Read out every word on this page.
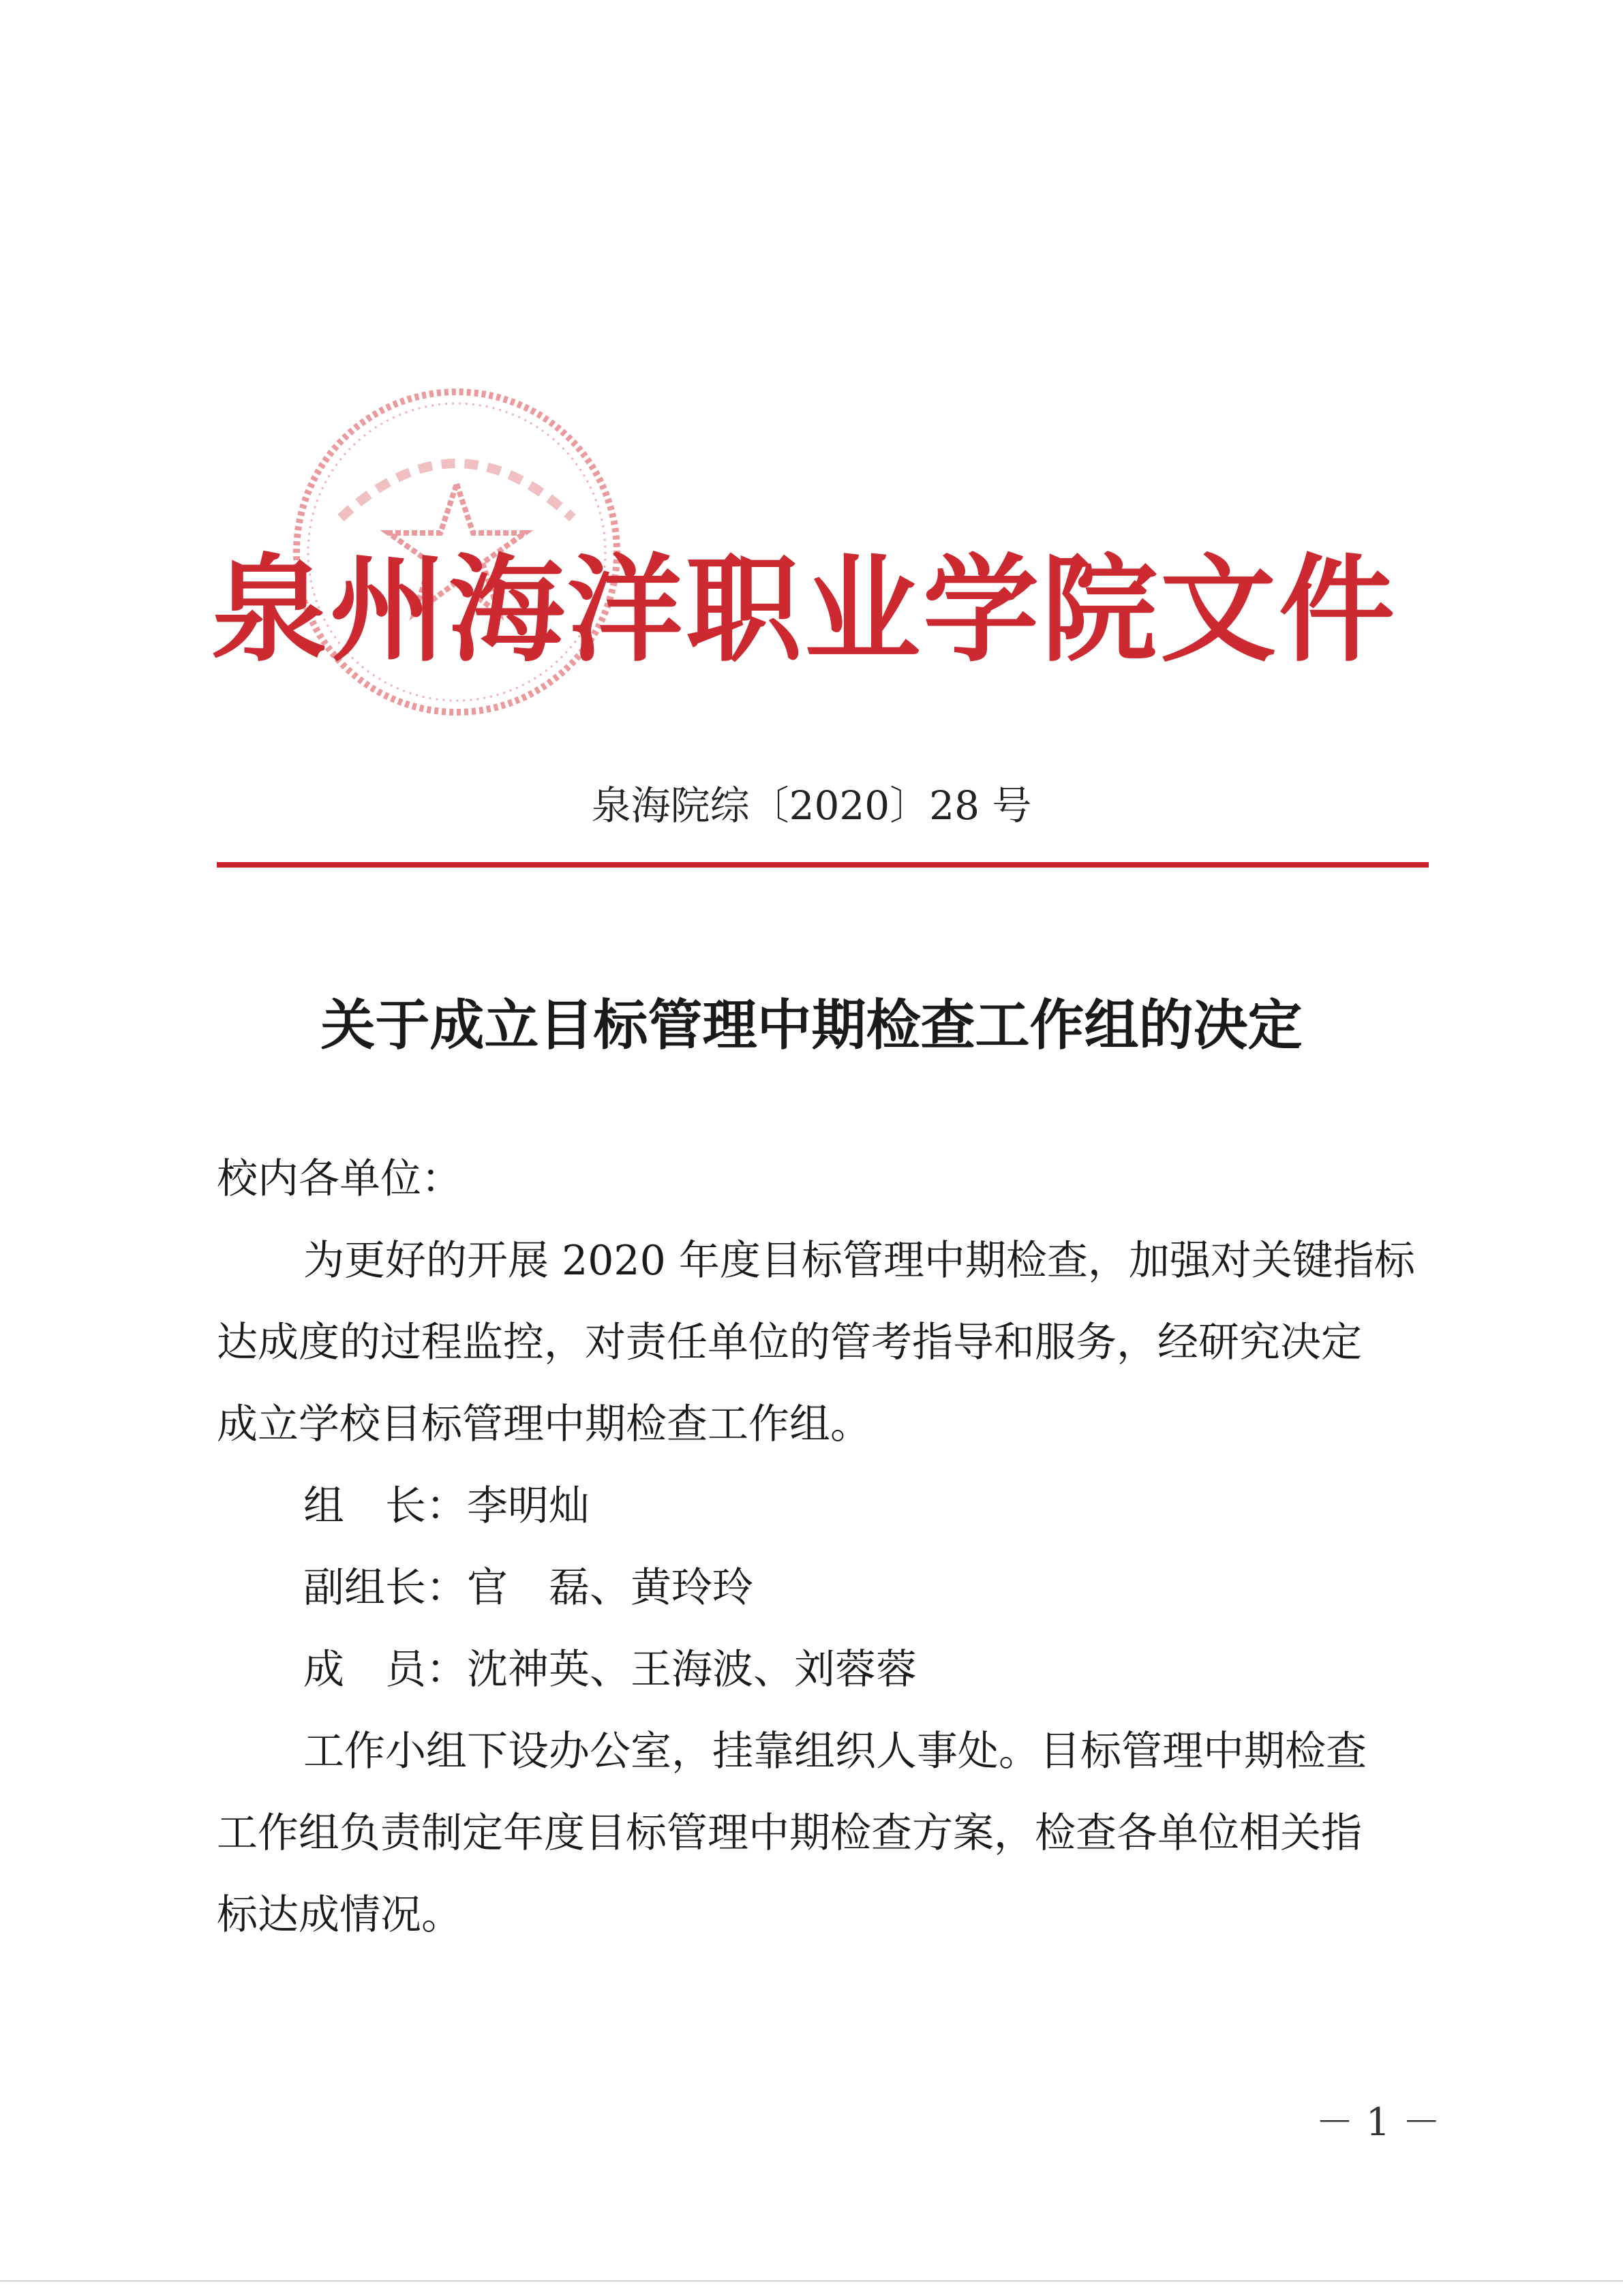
泉州海洋职业学院文件
泉海院综〔2020〕28 号
关于成立目标管理中期检查工作组的决定
校内各单位：
为更好的开展 2020 年度目标管理中期检查，加强对关键指标
达成度的过程监控，对责任单位的管考指导和服务，经研究决定
成立学校目标管理中期检查工作组。
组　长：李明灿
副组长：官　磊、黄玲玲
成　员：沈神英、王海波、刘蓉蓉
工作小组下设办公室，挂靠组织人事处。目标管理中期检查
工作组负责制定年度目标管理中期检查方案，检查各单位相关指
标达成情况。
－ 1 －
